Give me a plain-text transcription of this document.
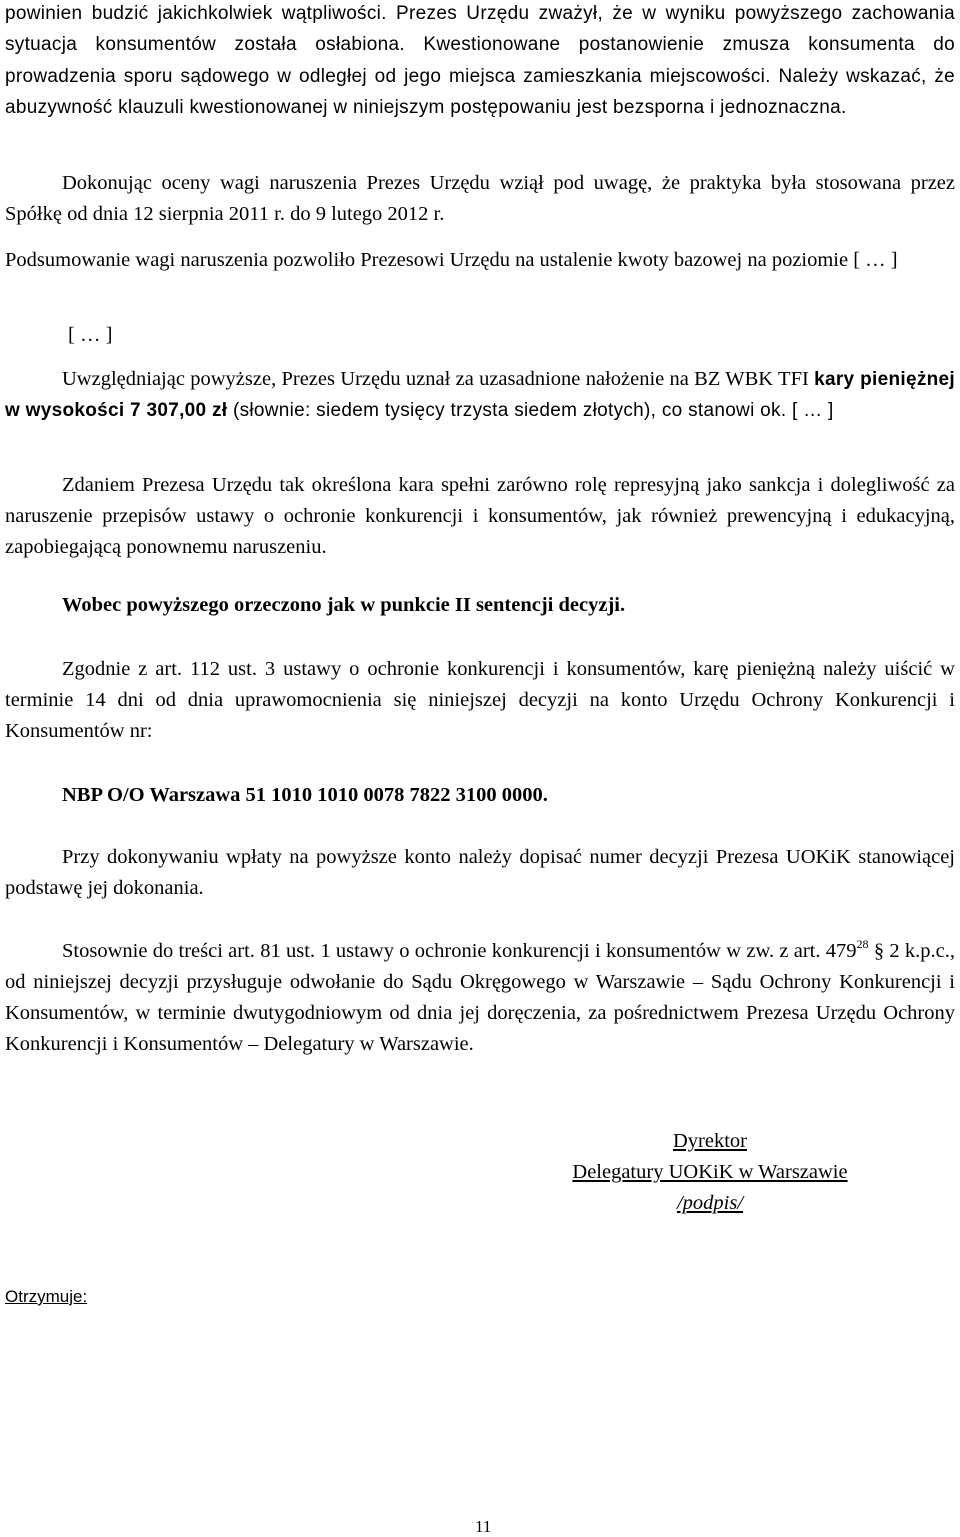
powinien budzić jakichkolwiek wątpliwości. Prezes Urzędu zważył, że w wyniku powyższego zachowania sytuacja konsumentów została osłabiona. Kwestionowane postanowienie zmusza konsumenta do prowadzenia sporu sądowego w odległej od jego miejsca zamieszkania miejscowości. Należy wskazać, że abuzywność klauzuli kwestionowanej w niniejszym postępowaniu jest bezsporna i jednoznaczna.

Dokonując oceny wagi naruszenia Prezes Urzędu wziął pod uwagę, że praktyka była stosowana przez Spółkę od dnia 12 sierpnia 2011 r. do 9 lutego 2012 r.

Podsumowanie wagi naruszenia pozwoliło Prezesowi Urzędu na ustalenie kwoty bazowej na poziomie [ … ]

[ … ]

Uwzględniając powyższe, Prezes Urzędu uznał za uzasadnione nałożenie na BZ WBK TFI kary pieniężnej w wysokości 7 307,00 zł (słownie: siedem tysięcy trzysta siedem złotych), co stanowi ok. [ … ]

Zdaniem Prezesa Urzędu tak określona kara spełni zarówno rolę represyjną jako sankcja i dolegliwość za naruszenie przepisów ustawy o ochronie konkurencji i konsumentów, jak również prewencyjną i edukacyjną, zapobiegającą ponownemu naruszeniu.

Wobec powyższego orzeczono jak w punkcie II sentencji decyzji.

Zgodnie z art. 112 ust. 3 ustawy o ochronie konkurencji i konsumentów, karę pieniężną należy uiścić w terminie 14 dni od dnia uprawomocnienia się niniejszej decyzji na konto Urzędu Ochrony Konkurencji i Konsumentów nr:

NBP O/O Warszawa 51 1010 1010 0078 7822 3100 0000.

Przy dokonywaniu wpłaty na powyższe konto należy dopisać numer decyzji Prezesa UOKiK stanowiącej podstawę jej dokonania.

Stosownie do treści art. 81 ust. 1 ustawy o ochronie konkurencji i konsumentów w zw. z art. $479^{28}$ § 2 k.p.c., od niniejszej decyzji przysługuje odwołanie do Sądu Okręgowego w Warszawie – Sądu Ochrony Konkurencji i Konsumentów, w terminie dwutygodniowym od dnia jej doręczenia, za pośrednictwem Prezesa Urzędu Ochrony Konkurencji i Konsumentów – Delegatury w Warszawie.

Dyrektor
Delegatury UOKiK w Warszawie
/podpis/
Otrzymuje:
11
